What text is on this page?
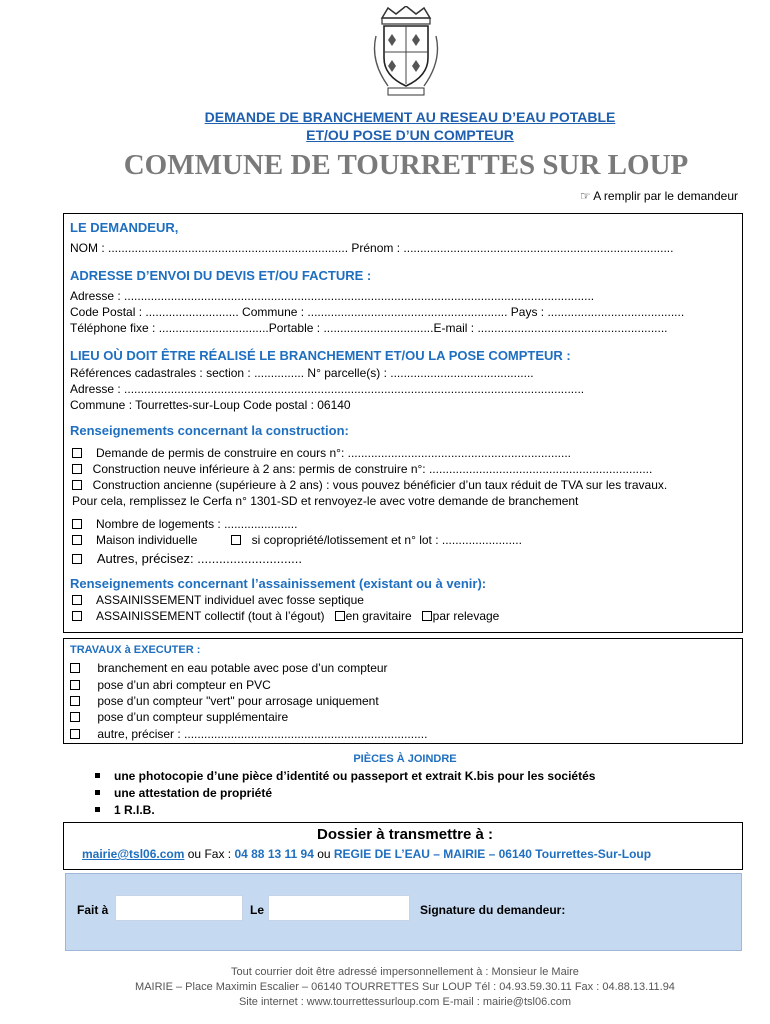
DEMANDE DE BRANCHEMENT AU RESEAU D’EAU POTABLE
ET/OU POSE D’UN COMPTEUR
COMMUNE DE TOURRETTES SUR LOUP
☞ A remplir par le demandeur
LE DEMANDEUR,
NOM : ........................................................................ Prénom : .................................................................................
ADRESSE D’ENVOI DU DEVIS ET/OU FACTURE :
Adresse : .............................................................................................................................................
Code Postal : ............................ Commune : ............................................................ Pays : .........................................
Téléphone fixe : .................................Portable : .................................E-mail : .........................................................
LIEU OÙ DOIT ÊTRE RÉALISÉ LE BRANCHEMENT ET/OU LA POSE COMPTEUR :
Références cadastrales : section : ............... N° parcelle(s) : ...........................................
Adresse : ..........................................................................................................................................
Commune : Tourrettes-sur-Loup Code postal : 06140
Renseignements concernant la construction:
Demande de permis de construire en cours n°: ...................................................................
Construction neuve inférieure à 2 ans: permis de construire n°: ...................................................................
Construction ancienne (supérieure à 2 ans) : vous pouvez bénéficier d’un taux réduit de TVA sur les travaux.
Pour cela, remplissez le Cerfa n° 1301-SD et renvoyez-le avec votre demande de branchement
Nombre de logements : ......................
Maison individuelle	si copropriété/lotissement et n° lot : ........................
Autres, précisez: .............................
Renseignements concernant l’assainissement (existant ou à venir):
ASSAINISSEMENT individuel avec fosse septique
ASSAINISSEMENT collectif (tout à l’égout) en gravitaire par relevage
TRAVAUX à EXECUTER :
branchement en eau potable avec pose d’un compteur
pose d’un abri compteur en PVC
pose d’un compteur "vert" pour arrosage uniquement
pose d’un compteur supplémentaire
autre, préciser : .........................................................................
PIÈCES À JOINDRE
une photocopie d’une pièce d’identité ou passeport et extrait K.bis pour les sociétés
une attestation de propriété
1 R.I.B.
Dossier à transmettre à :
mairie@tsl06.com ou Fax : 04 88 13 11 94 ou REGIE DE L’EAU – MAIRIE – 06140 Tourrettes-Sur-Loup
Fait à	Le	Signature du demandeur:
Tout courrier doit être adressé impersonnellement à : Monsieur le Maire
MAIRIE – Place Maximin Escalier – 06140 TOURRETTES Sur LOUP Tél : 04.93.59.30.11 Fax : 04.88.13.11.94
Site internet : www.tourrettessurloup.com E-mail : mairie@tsl06.com
